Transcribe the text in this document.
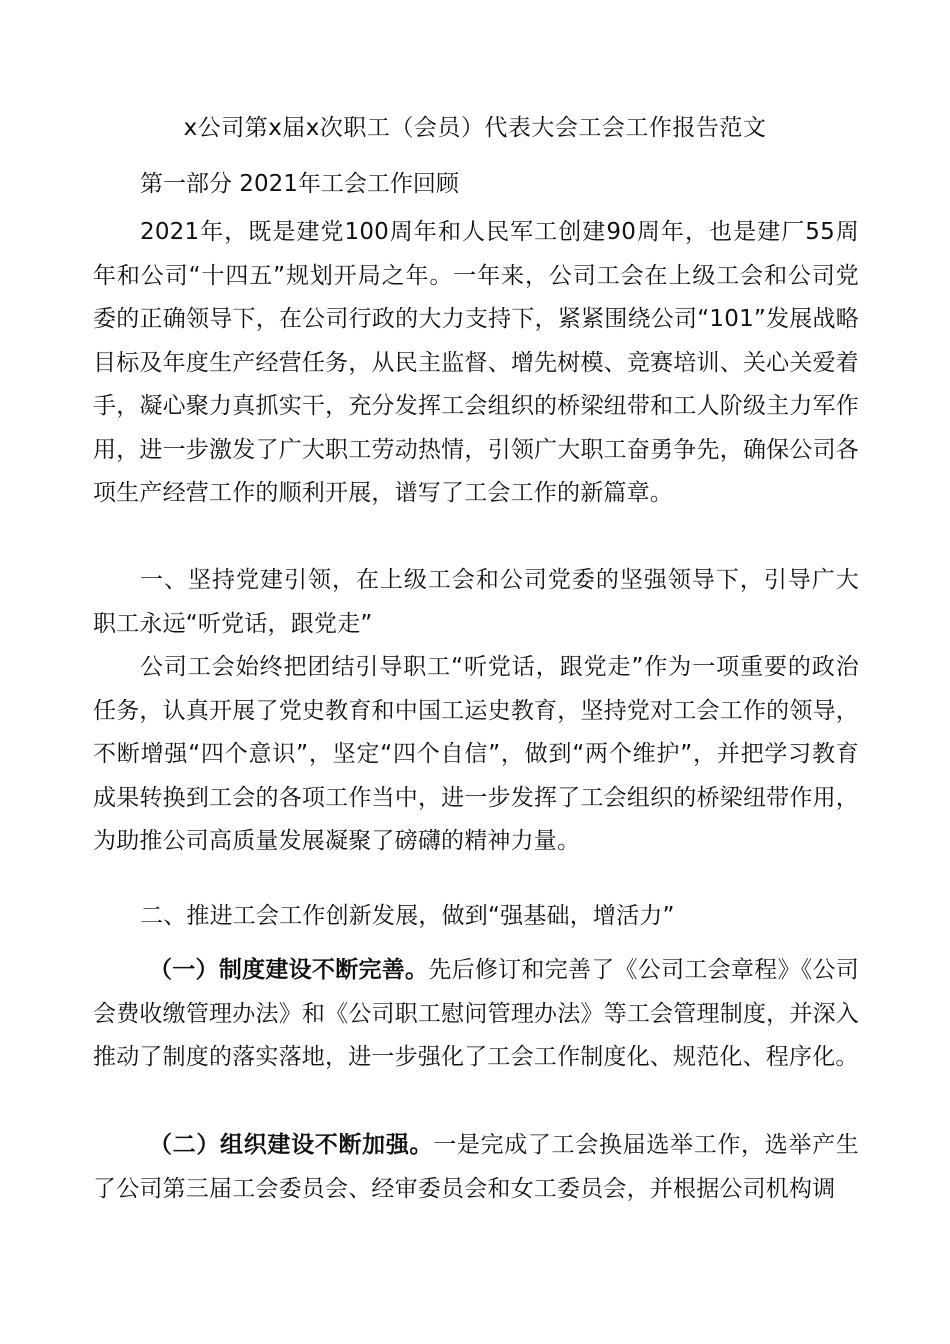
x公司第x届x次职工（会员）代表大会工会工作报告范文
第一部分 2021年工会工作回顾

2021年，既是建党100周年和人民军工创建90周年，也是建厂55周年和公司“十四五”规划开局之年。一年来，公司工会在上级工会和公司党委的正确领导下，在公司行政的大力支持下，紧紧围绕公司“101”发展战略目标及年度生产经营任务，从民主监督、增先树模、竞赛培训、关心关爱着手，凝心聚力真抓实干，充分发挥工会组织的桥梁纽带和工人阶级主力军作用，进一步激发了广大职工劳动热情，引领广大职工奋勇争先，确保公司各项生产经营工作的顺利开展，谱写了工会工作的新篇章。

一、坚持党建引领，在上级工会和公司党委的坚强领导下，引导广大职工永远“听党话，跟党走”

公司工会始终把团结引导职工“听党话，跟党走”作为一项重要的政治任务，认真开展了党史教育和中国工运史教育，坚持党对工会工作的领导，不断增强“四个意识”，坚定“四个自信”，做到“两个维护”，并把学习教育成果转换到工会的各项工作当中，进一步发挥了工会组织的桥梁纽带作用，为助推公司高质量发展凝聚了磅礴的精神力量。

二、推进工会工作创新发展，做到“强基础，增活力”

（一）制度建设不断完善。先后修订和完善了《公司工会章程》《公司会费收缴管理办法》和《公司职工慰问管理办法》等工会管理制度，并深入推动了制度的落实落地，进一步强化了工会工作制度化、规范化、程序化。

（二）组织建设不断加强。一是完成了工会换届选举工作，选举产生了公司第三届工会委员会、经审委员会和女工委员会，并根据公司机构调
